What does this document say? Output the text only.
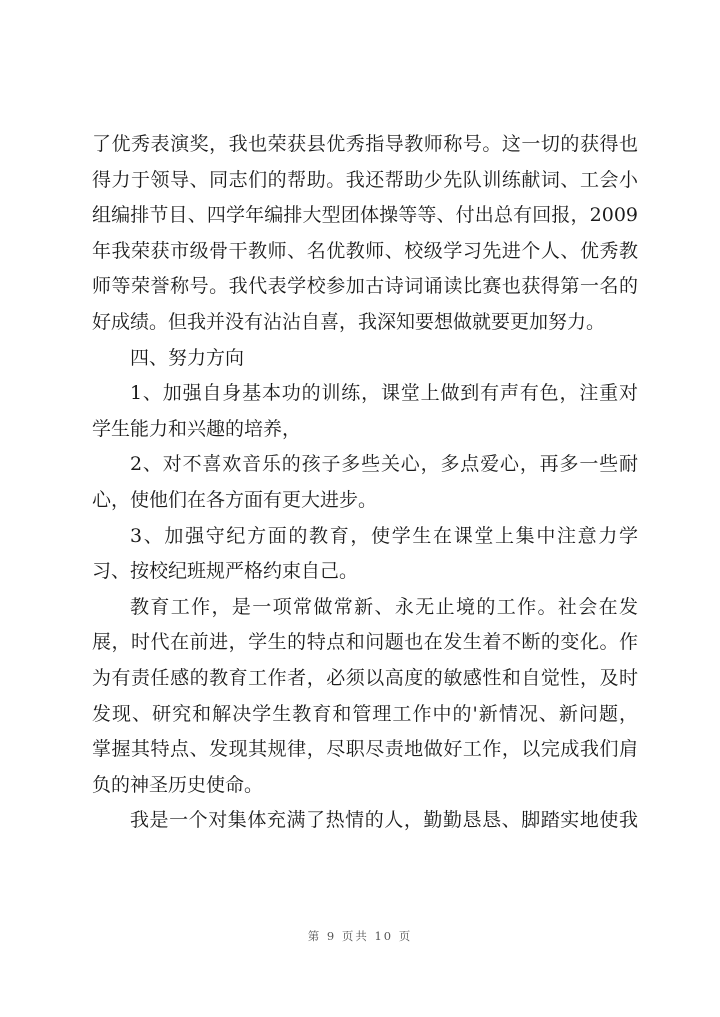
了优秀表演奖，我也荣获县优秀指导教师称号。这一切的获得也
得力于领导、同志们的帮助。我还帮助少先队训练献词、工会小
组编排节目、四学年编排大型团体操等等、付出总有回报，2009
年我荣获市级骨干教师、名优教师、校级学习先进个人、优秀教
师等荣誉称号。我代表学校参加古诗词诵读比赛也获得第一名的
好成绩。但我并没有沾沾自喜，我深知要想做就要更加努力。
四、努力方向
1、加强自身基本功的训练，课堂上做到有声有色，注重对
学生能力和兴趣的培养，
2、对不喜欢音乐的孩子多些关心，多点爱心，再多一些耐
心，使他们在各方面有更大进步。
3、加强守纪方面的教育，使学生在课堂上集中注意力学
习、按校纪班规严格约束自己。
教育工作，是一项常做常新、永无止境的工作。社会在发
展，时代在前进，学生的特点和问题也在发生着不断的变化。作
为有责任感的教育工作者，必须以高度的敏感性和自觉性，及时
发现、研究和解决学生教育和管理工作中的'新情况、新问题，
掌握其特点、发现其规律，尽职尽责地做好工作，以完成我们肩
负的神圣历史使命。
我是一个对集体充满了热情的人，勤勤恳恳、脚踏实地使我
第 9 页共 10 页
